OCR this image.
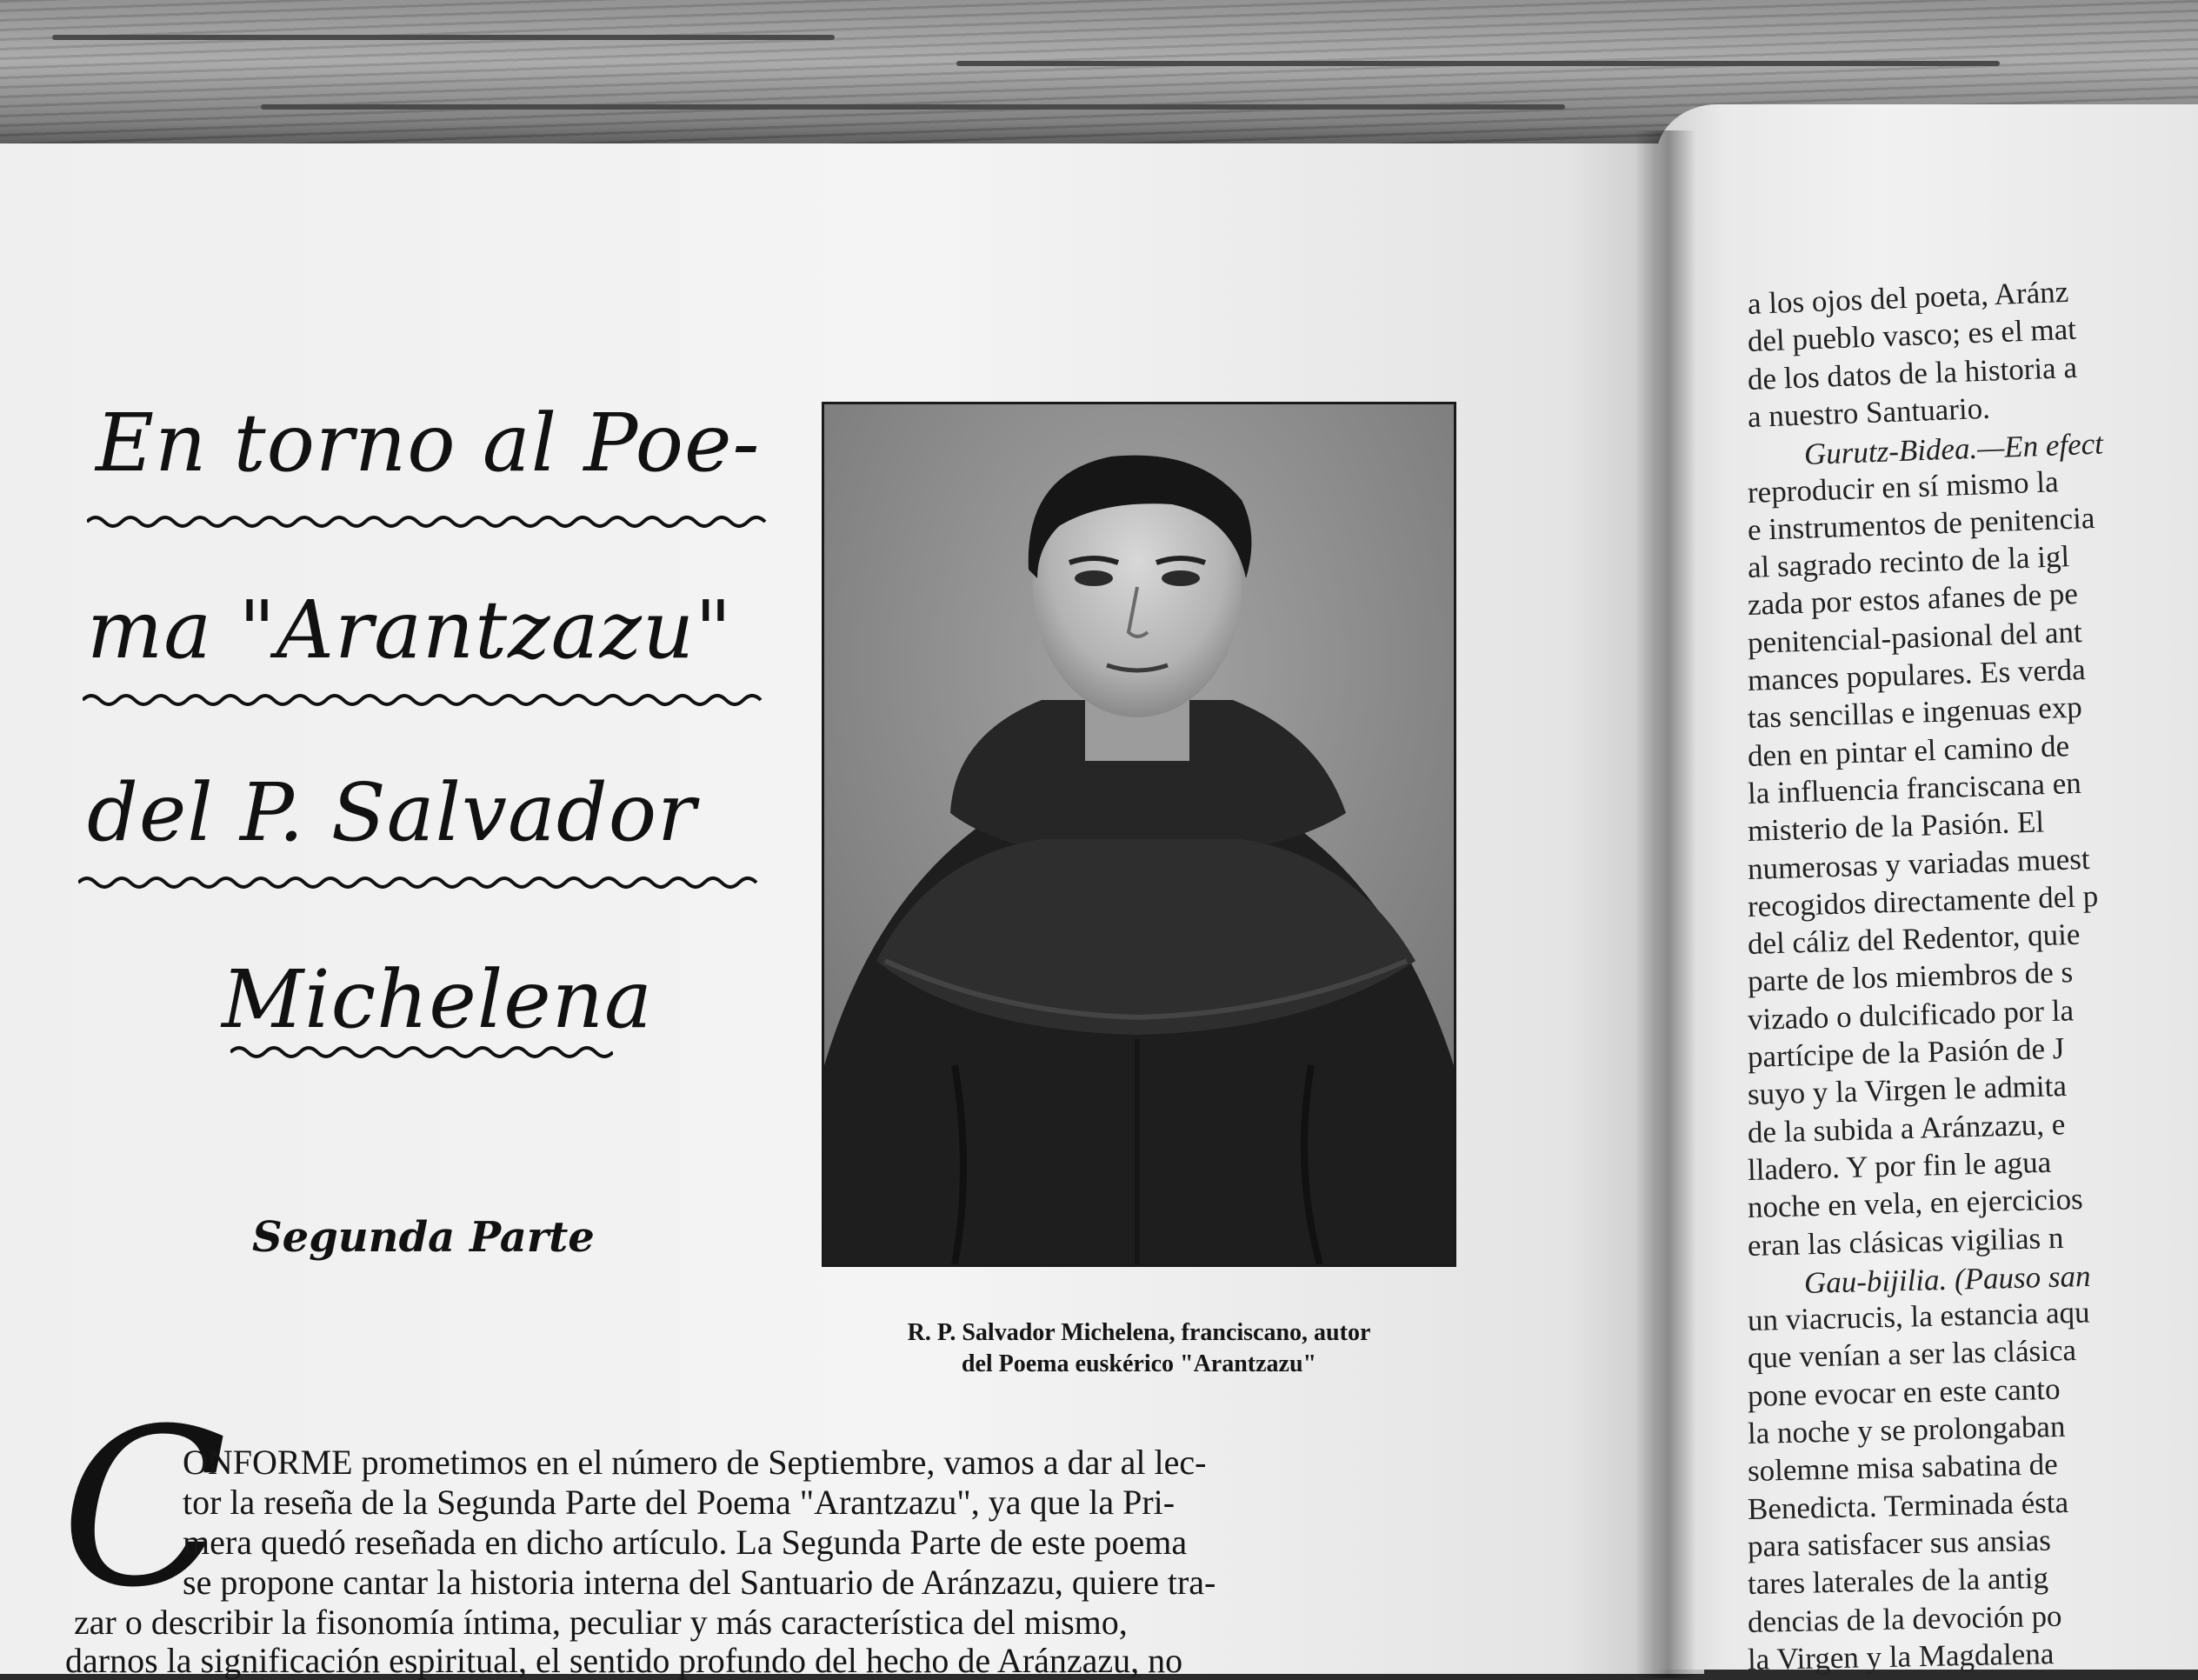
En torno al Poe-
ma "Arantzazu"
del P. Salvador
Michelena
Segunda Parte
R. P. Salvador Michelena, franciscano, autor
del Poema euskérico "Arantzazu"
C
ONFORME prometimos en el número de Septiembre, vamos a dar al lec-
tor la reseña de la Segunda Parte del Poema "Arantzazu", ya que la Pri-
mera quedó reseñada en dicho artículo. La Segunda Parte de este poema
se propone cantar la historia interna del Santuario de Aránzazu, quiere tra-
zar o describir la fisonomía íntima, peculiar y más característica del mismo,
darnos la significación espiritual, el sentido profundo del hecho de Aránzazu, no
a los ojos del poeta, Aránz
del pueblo vasco; es el mat
de los datos de la historia a
a nuestro Santuario.
Gurutz-Bidea.—En efect
reproducir en sí mismo la
e instrumentos de penitencia
al sagrado recinto de la igl
zada por estos afanes de pe
penitencial-pasional del ant
mances populares. Es verda
tas sencillas e ingenuas exp
den en pintar el camino de
la influencia franciscana en
misterio de la Pasión. El
numerosas y variadas muest
recogidos directamente del p
del cáliz del Redentor, quie
parte de los miembros de s
vizado o dulcificado por la
partícipe de la Pasión de J
suyo y la Virgen le admita
de la subida a Aránzazu, e
lladero. Y por fin le agua
noche en vela, en ejercicios
eran las clásicas vigilias n
Gau-bijilia. (Pauso san
un viacrucis, la estancia aqu
que venían a ser las clásica
pone evocar en este canto
la noche y se prolongaban
solemne misa sabatina de
Benedicta. Terminada ésta
para satisfacer sus ansias
tares laterales de la antig
dencias de la devoción po
la Virgen y la Magdalena
